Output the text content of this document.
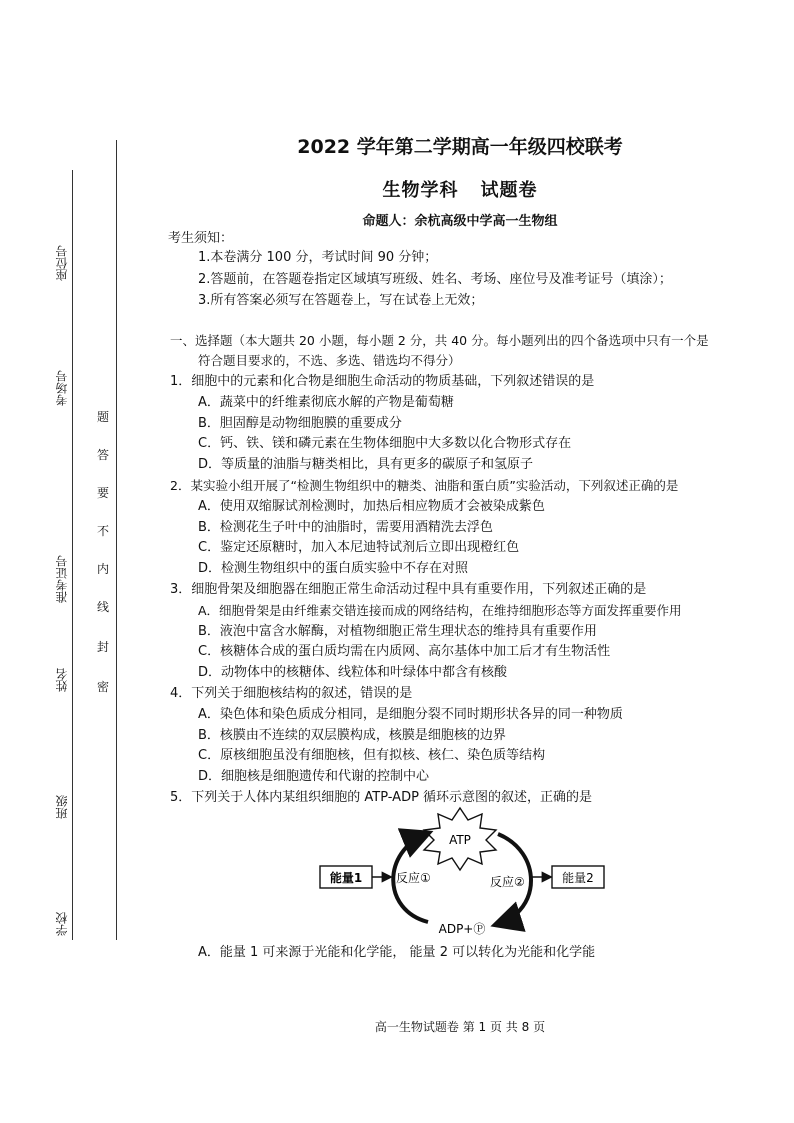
座位号
考场号
准考证号
姓名
班级
学校
题
答
要
不
内
线
封
密
2022 学年第二学期高一年级四校联考
生物学科 试题卷
命题人：余杭高级中学高一生物组
考生须知：
1.本卷满分 100 分，考试时间 90 分钟；
2.答题前，在答题卷指定区域填写班级、姓名、考场、座位号及准考证号（填涂）；
3.所有答案必须写在答题卷上，写在试卷上无效；
一、选择题（本大题共 20 小题，每小题 2 分，共 40 分。每小题列出的四个备选项中只有一个是
符合题目要求的，不选、多选、错选均不得分）
1．细胞中的元素和化合物是细胞生命活动的物质基础，下列叙述错误的是
A．蔬菜中的纤维素彻底水解的产物是葡萄糖
B．胆固醇是动物细胞膜的重要成分
C．钙、铁、镁和磷元素在生物体细胞中大多数以化合物形式存在
D．等质量的油脂与糖类相比，具有更多的碳原子和氢原子
2．某实验小组开展了“检测生物组织中的糖类、油脂和蛋白质”实验活动，下列叙述正确的是
A．使用双缩脲试剂检测时，加热后相应物质才会被染成紫色
B．检测花生子叶中的油脂时，需要用酒精洗去浮色
C．鉴定还原糖时，加入本尼迪特试剂后立即出现橙红色
D．检测生物组织中的蛋白质实验中不存在对照
3．细胞骨架及细胞器在细胞正常生命活动过程中具有重要作用，下列叙述正确的是
A．细胞骨架是由纤维素交错连接而成的网络结构，在维持细胞形态等方面发挥重要作用
B．液泡中富含水解酶，对植物细胞正常生理状态的维持具有重要作用
C．核糖体合成的蛋白质均需在内质网、高尔基体中加工后才有生物活性
D．动物体中的核糖体、线粒体和叶绿体中都含有核酸
4．下列关于细胞核结构的叙述，错误的是
A．染色体和染色质成分相同，是细胞分裂不同时期形状各异的同一种物质
B．核膜由不连续的双层膜构成，核膜是细胞核的边界
C．原核细胞虽没有细胞核，但有拟核、核仁、染色质等结构
D．细胞核是细胞遗传和代谢的控制中心
5．下列关于人体内某组织细胞的 ATP-ADP 循环示意图的叙述，正确的是
ATP
能量1	能量2
反应①	反应②
ADP+Ⓟ
A．能量 1 可来源于光能和化学能， 能量 2 可以转化为光能和化学能
高一生物试题卷 第 1 页 共 8 页
